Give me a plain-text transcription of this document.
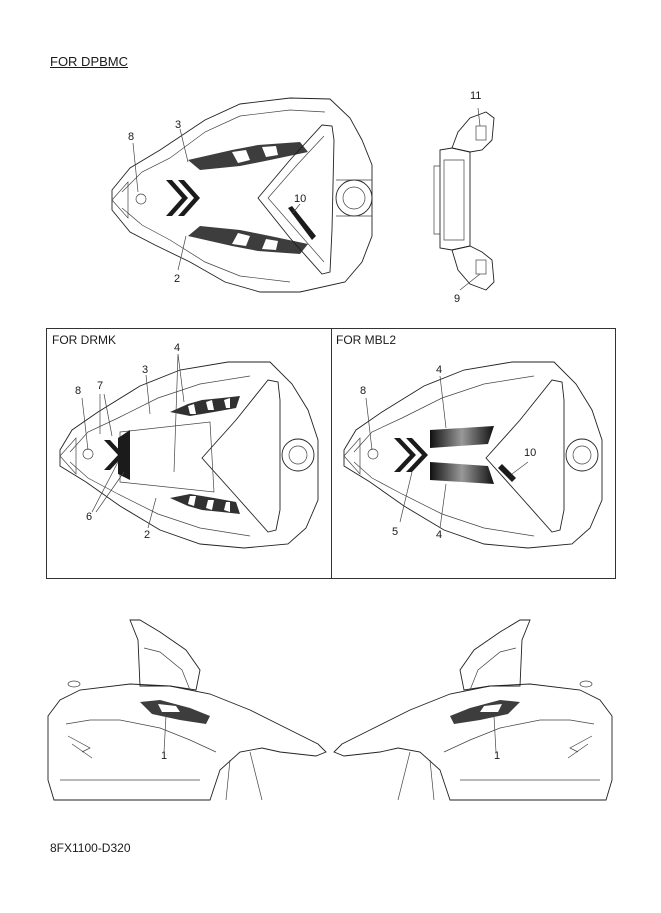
FOR DPBMC
8
3
10
2
11
9
FOR DRMK	FOR MBL2
8 7
3
4
6
2
8
4
10
5	4
1	1
8FX1100-D320
